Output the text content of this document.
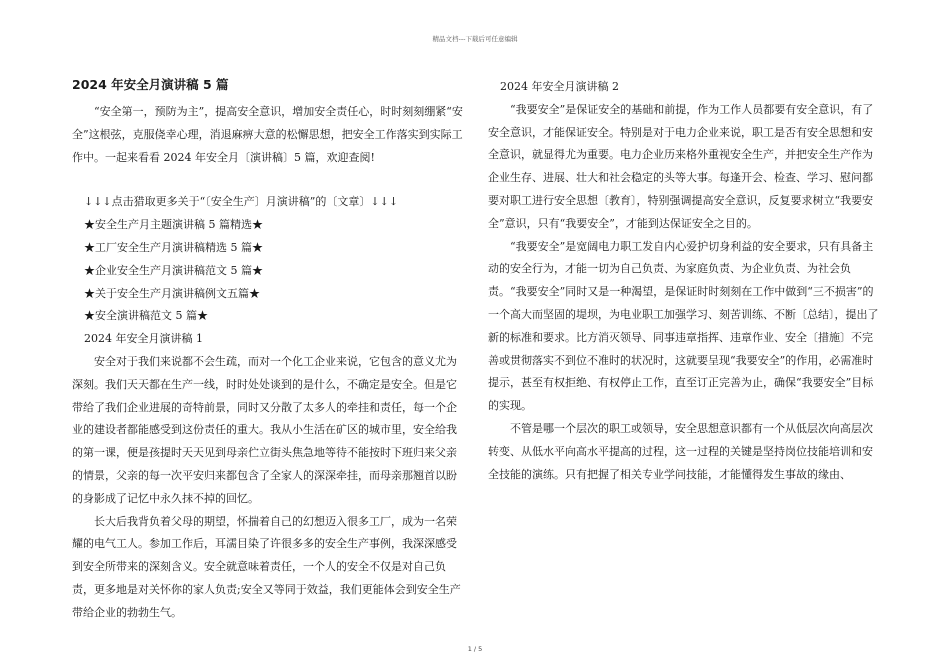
精品文档---下载后可任意编辑
2024 年安全月演讲稿 5 篇

“安全第一，预防为主”，提高安全意识，增加安全责任心，时时刻刻绷紧“安全”这根弦，克服侥幸心理，消退麻痹大意的松懈思想，把安全工作落实到实际工作中。一起来看看 2024 年安全月〔演讲稿〕5 篇，欢迎查阅!

↓↓↓点击猎取更多关于“〔安全生产〕月演讲稿”的〔文章〕↓↓↓

★安全生产月主题演讲稿 5 篇精选★

★工厂安全生产月演讲稿精选 5 篇★

★企业安全生产月演讲稿范文 5 篇★

★关于安全生产月演讲稿例文五篇★

★安全演讲稿范文 5 篇★

2024 年安全月演讲稿 1

安全对于我们来说都不会生疏，而对一个化工企业来说，它包含的意义尤为深刻。我们天天都在生产一线，时时处处谈到的是什么，不确定是安全。但是它带给了我们企业进展的奇特前景，同时又分散了太多人的牵挂和责任，每一个企业的建设者都能感受到这份责任的重大。我从小生活在矿区的城市里，安全给我的第一课，便是孩提时天天见到母亲伫立街头焦急地等待不能按时下班归来父亲的情景，父亲的每一次平安归来都包含了全家人的深深牵挂，而母亲那翘首以盼的身影成了记忆中永久抹不掉的回忆。

长大后我背负着父母的期望，怀揣着自己的幻想迈入很多工厂，成为一名荣耀的电气工人。参加工作后，耳濡目染了许很多多的安全生产事例，我深深感受到安全所带来的深刻含义。安全就意味着责任，一个人的安全不仅是对自己负责，更多地是对关怀你的家人负责;安全又等同于效益，我们更能体会到安全生产带给企业的勃勃生气。

2024 年安全月演讲稿 2

“我要安全”是保证安全的基础和前提，作为工作人员都要有安全意识，有了安全意识，才能保证安全。特别是对于电力企业来说，职工是否有安全思想和安全意识，就显得尤为重要。电力企业历来格外重视安全生产，并把安全生产作为企业生存、进展、壮大和社会稳定的头等大事。每逢开会、检查、学习、慰问都要对职工进行安全思想〔教育〕，特别强调提高安全意识，反复要求树立“我要安全”意识，只有“我要安全”，才能到达保证安全之目的。

“我要安全”是宽阔电力职工发自内心爱护切身利益的安全要求，只有具备主动的安全行为，才能一切为自己负责、为家庭负责、为企业负责、为社会负责。“我要安全”同时又是一种渴望，是保证时时刻刻在工作中做到“三不损害”的一个高大而坚固的堤坝，为电业职工加强学习、刻苦训练、不断〔总结〕，提出了新的标准和要求。比方消灭领导、同事违章指挥、违章作业、安全〔措施〕不完善或贯彻落实不到位不准时的状况时，这就要呈现“我要安全”的作用，必需准时提示，甚至有权拒绝、有权停止工作，直至订正完善为止，确保“我要安全”目标的实现。

不管是哪一个层次的职工或领导，安全思想意识都有一个从低层次向高层次转变、从低水平向高水平提高的过程，这一过程的关键是坚持岗位技能培训和安全技能的演练。只有把握了相关专业学问技能，才能懂得发生事故的缘由、

1 / 5
